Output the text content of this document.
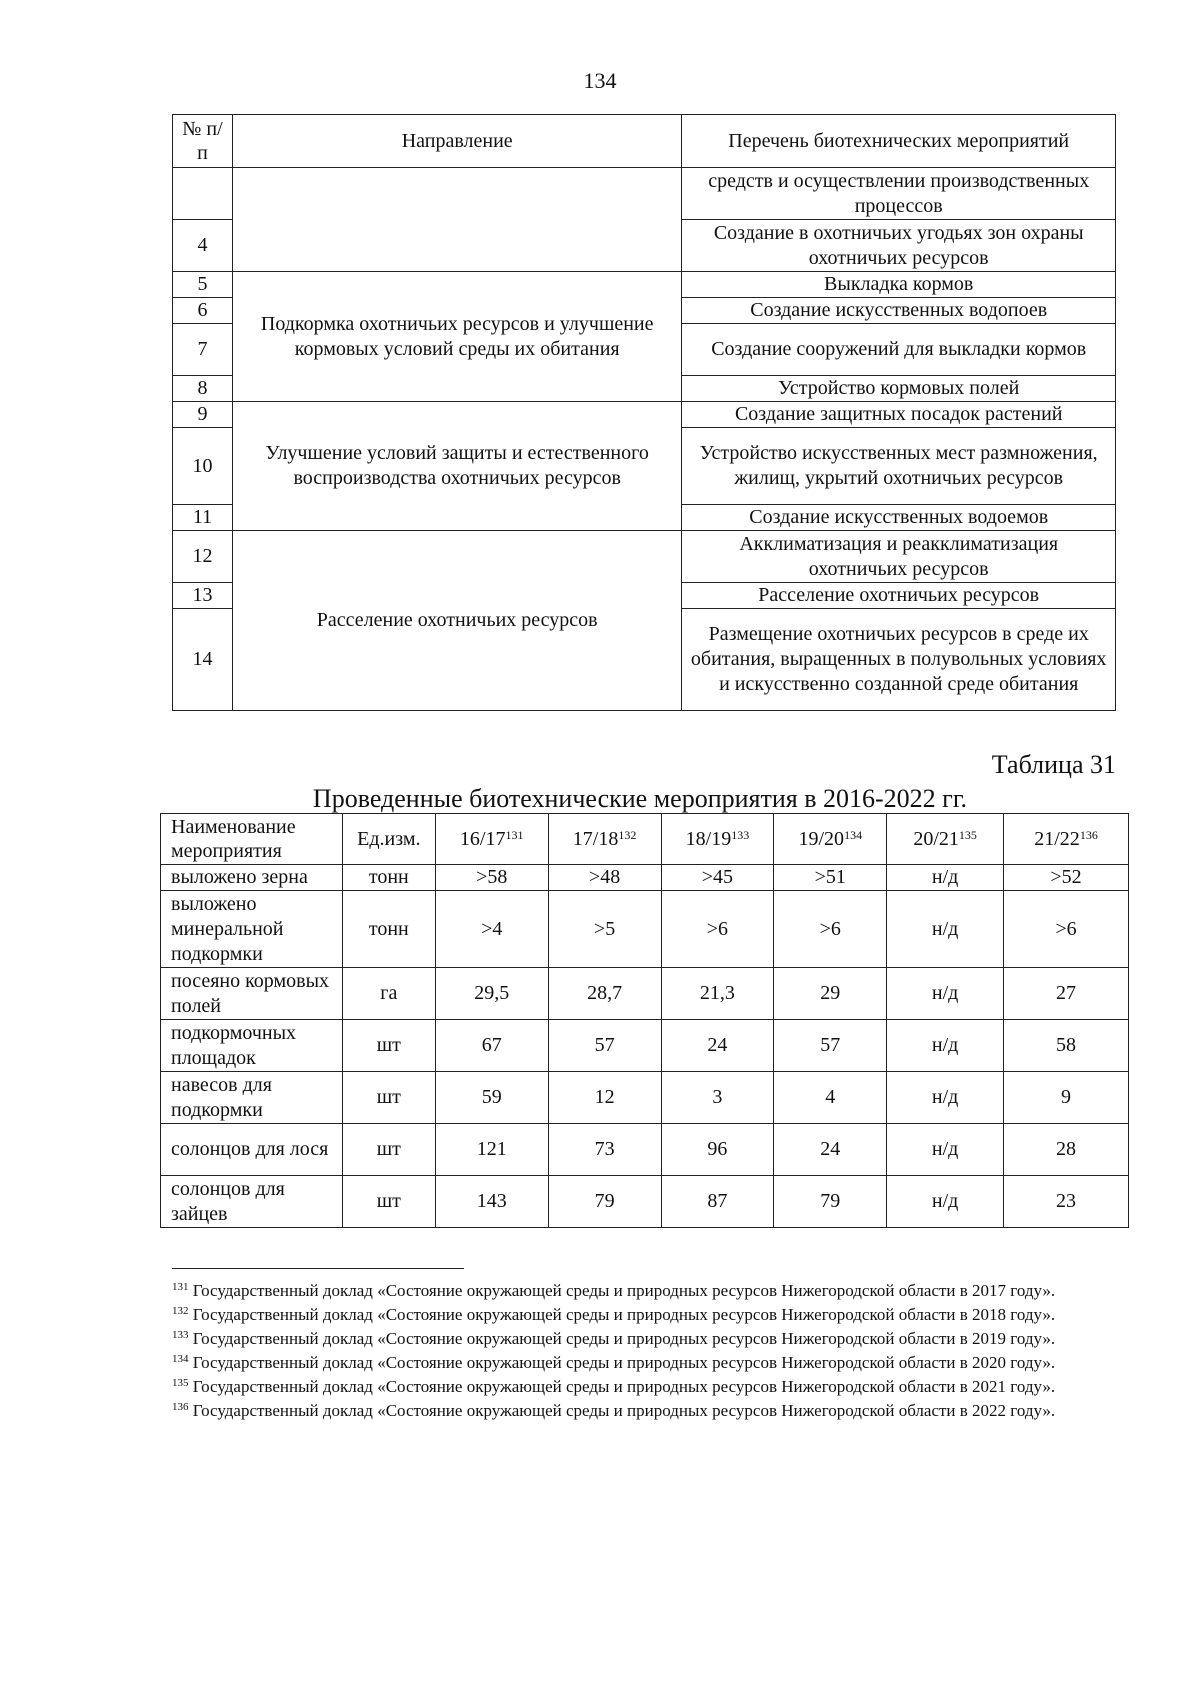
134
№ п/п	Направление	Перечень биотехнических мероприятий
		средств и осуществлении производственных процессов
4		Создание в охотничьих угодьях зон охраны охотничьих ресурсов
5	Подкормка охотничьих ресурсов и улучшение кормовых условий среды их обитания	Выкладка кормов
6		Создание искусственных водопоев
7		Создание сооружений для выкладки кормов
8		Устройство кормовых полей
9	Улучшение условий защиты и естественного воспроизводства охотничьих ресурсов	Создание защитных посадок растений
10		Устройство искусственных мест размножения, жилищ, укрытий охотничьих ресурсов
11		Создание искусственных водоемов
12	Расселение охотничьих ресурсов	Акклиматизация и реакклиматизация охотничьих ресурсов
13		Расселение охотничьих ресурсов
14		Размещение охотничьих ресурсов в среде их обитания, выращенных в полувольных условиях и искусственно созданной среде обитания
Таблица 31
Проведенные биотехнические мероприятия в 2016-2022 гг.
Наименование мероприятия	Ед.изм.	$16/17^{131}$	$17/18^{132}$	$18/19^{133}$	$19/20^{134}$	$20/21^{135}$	$21/22^{136}$
выложено зерна	тонн	>58	>48	>45	>51	н/д	>52
выложено минеральной подкормки	тонн	>4	>5	>6	>6	н/д	>6
посеяно кормовых полей	га	29,5	28,7	21,3	29	н/д	27
подкормочных площадок	шт	67	57	24	57	н/д	58
навесов для подкормки	шт	59	12	3	4	н/д	9
солонцов для лося	шт	121	73	96	24	н/д	28
солонцов для зайцев	шт	143	79	87	79	н/д	23

$^{131}$ Государственный доклад «Состояние окружающей среды и природных ресурсов Нижегородской области в 2017 году».

$^{132}$ Государственный доклад «Состояние окружающей среды и природных ресурсов Нижегородской области в 2018 году».

$^{133}$ Государственный доклад «Состояние окружающей среды и природных ресурсов Нижегородской области в 2019 году».

$^{134}$ Государственный доклад «Состояние окружающей среды и природных ресурсов Нижегородской области в 2020 году».

$^{135}$ Государственный доклад «Состояние окружающей среды и природных ресурсов Нижегородской области в 2021 году».

$^{136}$ Государственный доклад «Состояние окружающей среды и природных ресурсов Нижегородской области в 2022 году».
